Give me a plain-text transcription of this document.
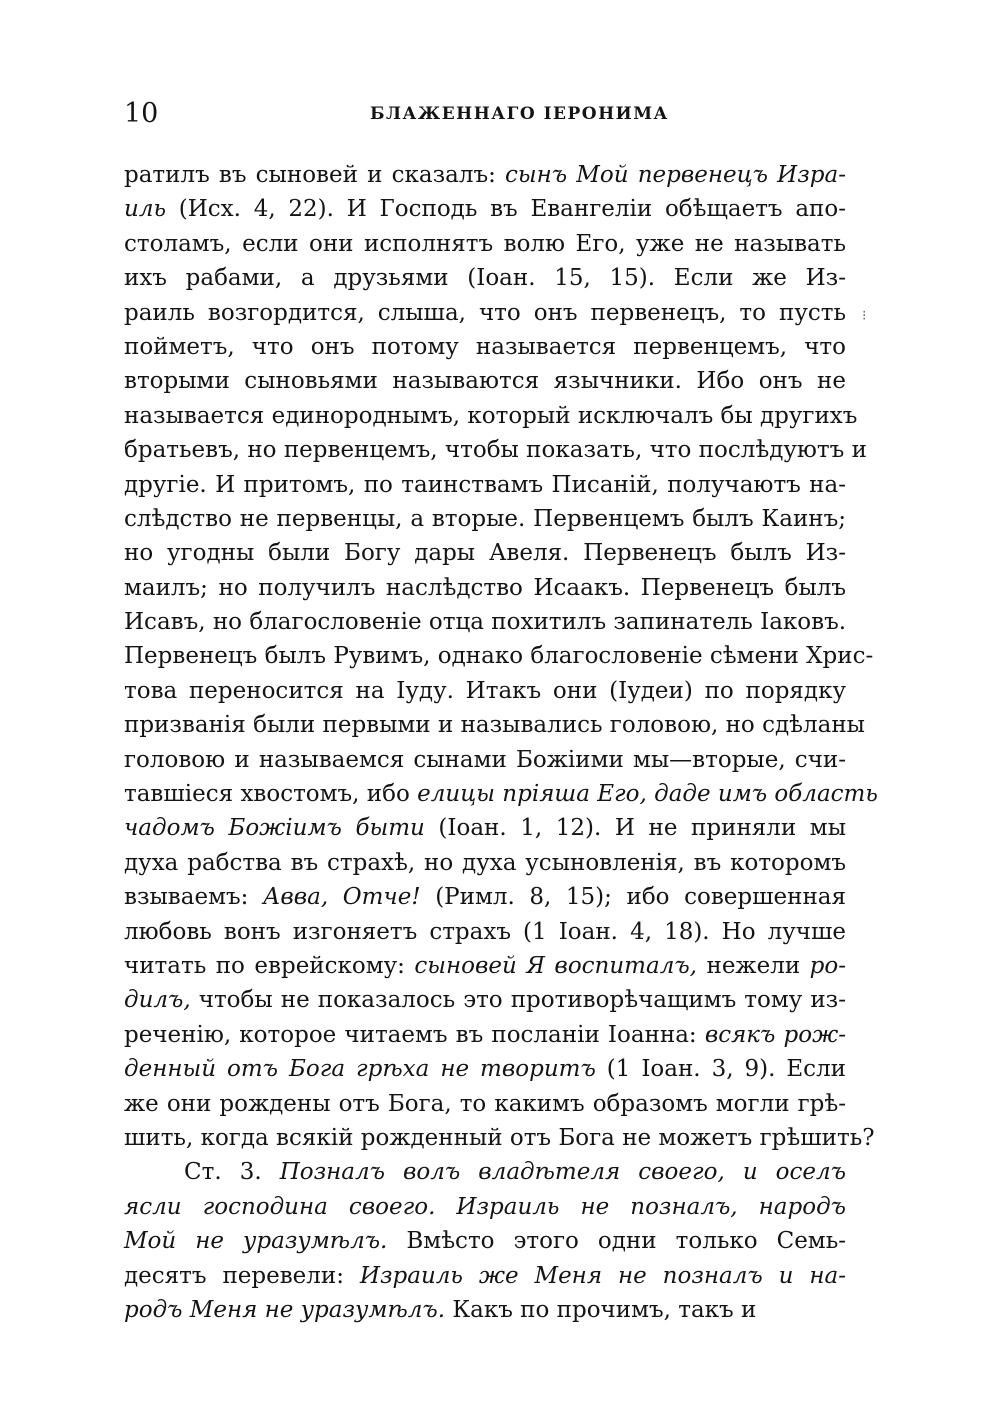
10	БЛАЖЕННАГО ІЕРОНИМА
⁝
ратилъ въ сыновей и сказалъ: сынъ Мой первенецъ Изра-
иль (Исх. 4, 22). И Господь въ Евангеліи обѣщаетъ апо-
столамъ, если они исполнятъ волю Его, уже не называть
ихъ рабами, а друзьями (Іоан. 15, 15). Если же Из-
раиль возгордится, слыша, что онъ первенецъ, то пусть
пойметъ, что онъ потому называется первенцемъ, что
вторыми сыновьями называются язычники. Ибо онъ не
называется единороднымъ, который исключалъ бы другихъ
братьевъ, но первенцемъ, чтобы показать, что послѣдуютъ и
другіе. И притомъ, по таинствамъ Писаній, получаютъ на-
слѣдство не первенцы, а вторые. Первенцемъ былъ Каинъ;
но угодны были Богу дары Авеля. Первенецъ былъ Из-
маилъ; но получилъ наслѣдство Исаакъ. Первенецъ былъ
Исавъ, но благословеніе отца похитилъ запинатель Іаковъ.
Первенецъ былъ Рувимъ, однако благословеніе сѣмени Хрис-
това переносится на Іуду. Итакъ они (Іудеи) по порядку
призванія были первыми и назывались головою, но сдѣланы
головою и называемся сынами Божіими мы—вторые, счи-
тавшіеся хвостомъ, ибо елицы пріяша Его, даде имъ область
чадомъ Божіимъ быти (Іоан. 1, 12). И не приняли мы
духа рабства въ страхѣ, но духа усыновленія, въ которомъ
взываемъ: Авва, Отче! (Римл. 8, 15); ибо совершенная
любовь вонъ изгоняетъ страхъ (1 Іоан. 4, 18). Но лучше
читать по еврейскому: сыновей Я воспиталъ, нежели ро-
дилъ, чтобы не показалось это противорѣчащимъ тому из-
реченію, которое читаемъ въ посланіи Іоанна: всякъ рож-
денный отъ Бога грѣха не творитъ (1 Іоан. 3, 9). Если
же они рождены отъ Бога, то какимъ образомъ могли грѣ-
шить, когда всякій рожденный отъ Бога не можетъ грѣшить?
Ст. 3. Позналъ волъ владѣтеля своего, и оселъ
ясли господина своего. Израиль не позналъ, народъ
Мой не уразумѣлъ. Вмѣсто этого одни только Семь-
десятъ перевели: Израиль же Меня не позналъ и на-
родъ Меня не уразумѣлъ. Какъ по прочимъ, такъ и
